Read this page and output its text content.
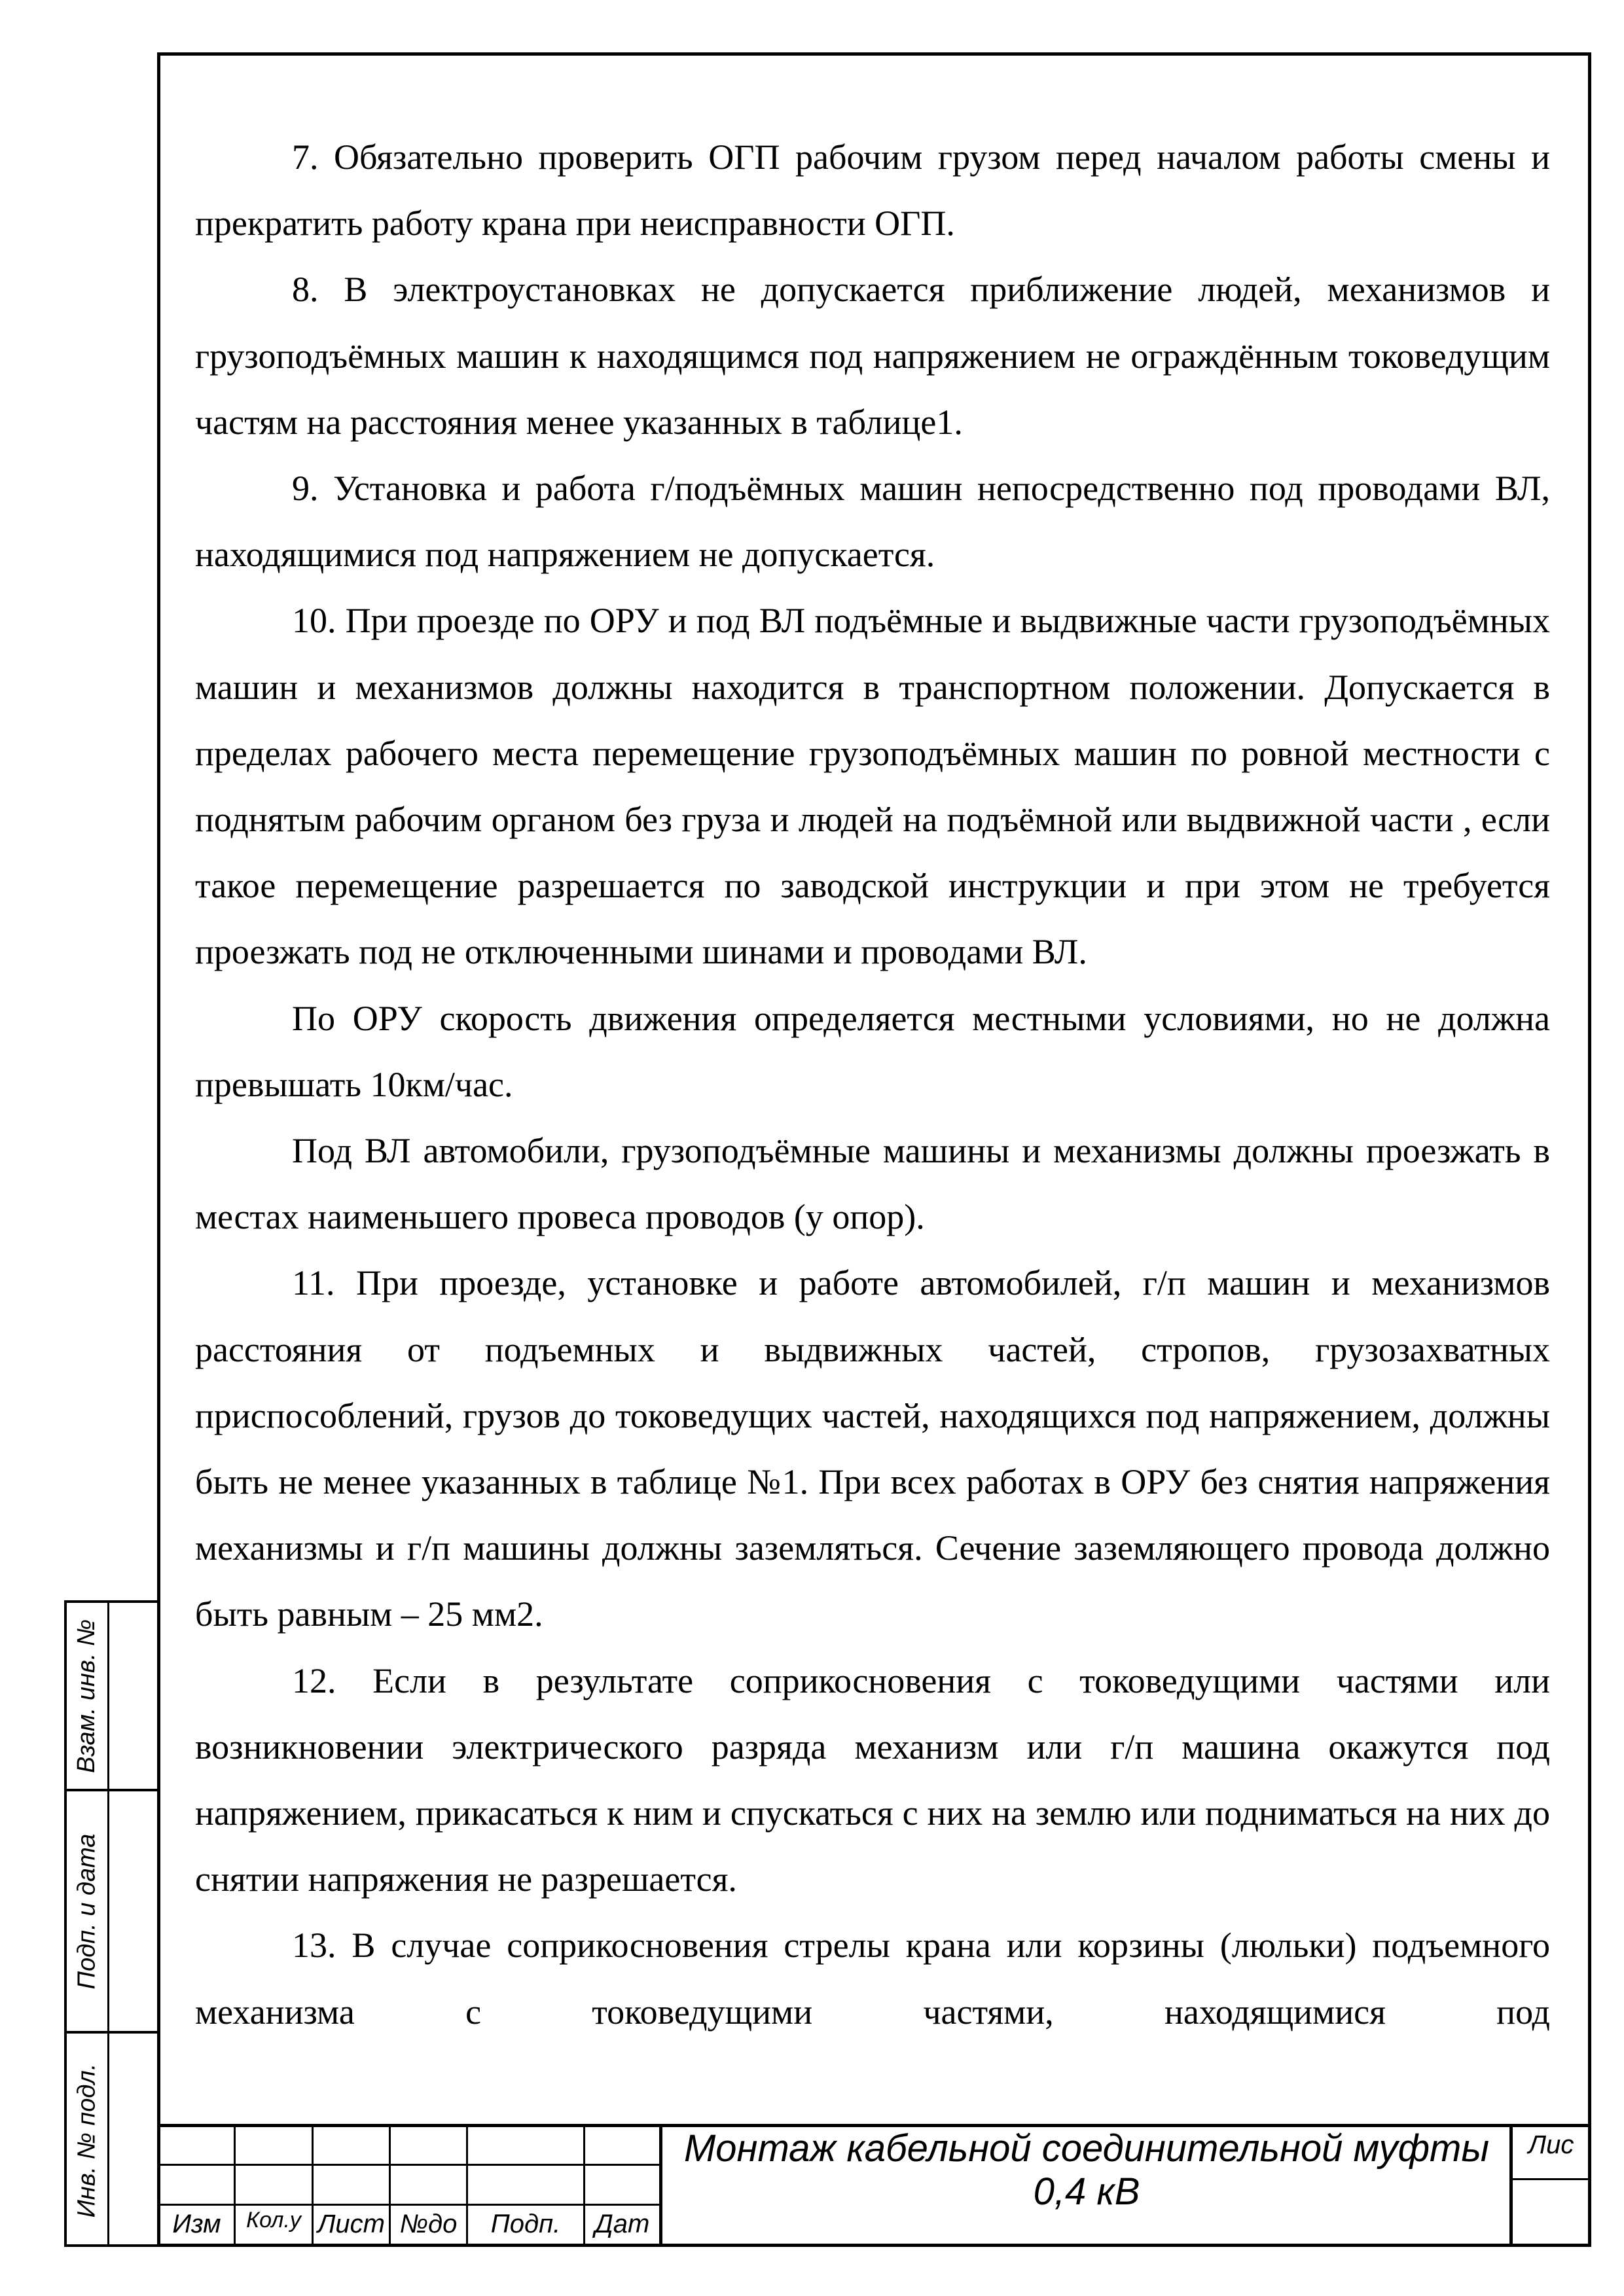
7. Обязательно проверить ОГП рабочим грузом перед началом работы смены и прекратить работу крана при неисправности ОГП.

8. В электроустановках не допускается приближение людей, механизмов и грузоподъёмных машин к находящимся под напряжением не ограждённым токоведущим частям на расстояния менее указанных в таблице1.

9. Установка и работа г/подъёмных машин непосредственно под проводами ВЛ, находящимися под напряжением не допускается.

10. При проезде по ОРУ и под ВЛ подъёмные и выдвижные части грузоподъёмных машин и механизмов должны находится в транспортном положении. Допускается в пределах рабочего места перемещение грузоподъёмных машин по ровной местности с поднятым рабочим органом без груза и людей на подъёмной или выдвижной части , если такое перемещение разрешается по заводской инструкции и при этом не требуется проезжать под не отключенными шинами и проводами ВЛ.

По ОРУ скорость движения определяется местными условиями, но не должна превышать 10км/час.

Под ВЛ автомобили, грузоподъёмные машины и механизмы должны проезжать в местах наименьшего провеса проводов (у опор).

11. При проезде, установке и работе автомобилей, г/п машин и механизмов расстояния от подъемных и выдвижных частей, стропов, грузозахватных приспособлений, грузов до токоведущих частей, находящихся под напряжением, должны быть не менее указанных в таблице №1. При всех работах в ОРУ без снятия напряжения механизмы и г/п машины должны заземляться. Сечение заземляющего провода должно быть равным – 25 мм2.

12. Если в результате соприкосновения с токоведущими частями или возникновении электрического разряда механизм или г/п машина окажутся под напряжением, прикасаться к ним и спускаться с них на землю или подниматься на них до снятии напряжения не разрешается.

13. В случае соприкосновения стрелы крана или корзины (люльки) подъемного механизма с токоведущими частями, находящимися под

Взам. инв. №
Подп. и дата
Инв. № подл.
Изм	Кол.у Лист №до	Подп.	Дат
Монтаж кабельной соединительной муфты
0,4 кВ
Лис
